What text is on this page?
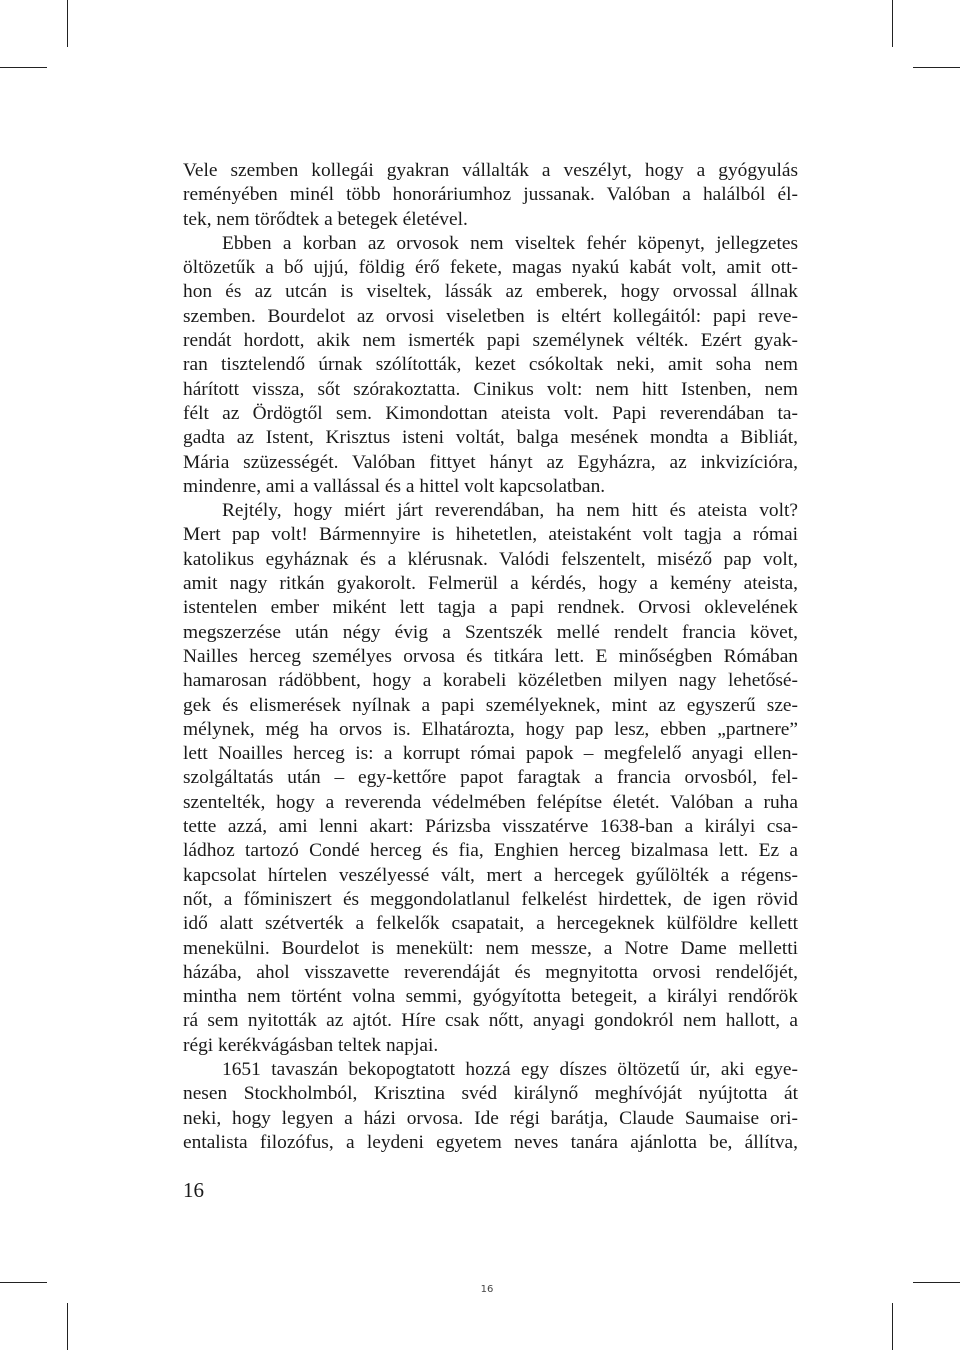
Vele szemben kollegái gyakran vállalták a veszélyt, hogy a gyógyulás
reményében minél több honoráriumhoz jussanak. Valóban a halálból él-
tek, nem törődtek a betegek életével.
Ebben a korban az orvosok nem viseltek fehér köpenyt, jellegzetes
öltözetűk a bő ujjú, földig érő fekete, magas nyakú kabát volt, amit ott-
hon és az utcán is viseltek, lássák az emberek, hogy orvossal állnak
szemben. Bourdelot az orvosi viseletben is eltért kollegáitól: papi reve-
rendát hordott, akik nem ismerték papi személynek vélték. Ezért gyak-
ran tisztelendő úrnak szólították, kezet csókoltak neki, amit soha nem
hárított vissza, sőt szórakoztatta. Cinikus volt: nem hitt Istenben, nem
félt az Ördögtől sem. Kimondottan ateista volt. Papi reverendában ta-
gadta az Istent, Krisztus isteni voltát, balga mesének mondta a Bibliát,
Mária szüzességét. Valóban fittyet hányt az Egyházra, az inkvizícióra,
mindenre, ami a vallással és a hittel volt kapcsolatban.
Rejtély, hogy miért járt reverendában, ha nem hitt és ateista volt?
Mert pap volt! Bármennyire is hihetetlen, ateistaként volt tagja a római
katolikus egyháznak és a klérusnak. Valódi felszentelt, miséző pap volt,
amit nagy ritkán gyakorolt. Felmerül a kérdés, hogy a kemény ateista,
istentelen ember miként lett tagja a papi rendnek. Orvosi oklevelének
megszerzése után négy évig a Szentszék mellé rendelt francia követ,
Nailles herceg személyes orvosa és titkára lett. E minőségben Rómában
hamarosan rádöbbent, hogy a korabeli közéletben milyen nagy lehetősé-
gek és elismerések nyílnak a papi személyeknek, mint az egyszerű sze-
mélynek, még ha orvos is. Elhatározta, hogy pap lesz, ebben „partnere”
lett Noailles herceg is: a korrupt római papok – megfelelő anyagi ellen-
szolgáltatás után – egy-kettőre papot faragtak a francia orvosból, fel-
szentelték, hogy a reverenda védelmében felépítse életét. Valóban a ruha
tette azzá, ami lenni akart: Párizsba visszatérve 1638-ban a királyi csa-
ládhoz tartozó Condé herceg és fia, Enghien herceg bizalmasa lett. Ez a
kapcsolat hírtelen veszélyessé vált, mert a hercegek gyűlölték a régens-
nőt, a főminiszert és meggondolatlanul felkelést hirdettek, de igen rövid
idő alatt szétverték a felkelők csapatait, a hercegeknek külföldre kellett
menekülni. Bourdelot is menekült: nem messze, a Notre Dame melletti
házába, ahol visszavette reverendáját és megnyitotta orvosi rendelőjét,
mintha nem történt volna semmi, gyógyította betegeit, a királyi rendőrök
rá sem nyitották az ajtót. Híre csak nőtt, anyagi gondokról nem hallott, a
régi kerékvágásban teltek napjai.
1651 tavaszán bekopogtatott hozzá egy díszes öltözetű úr, aki egye-
nesen Stockholmból, Krisztina svéd királynő meghívóját nyújtotta át
neki, hogy legyen a házi orvosa. Ide régi barátja, Claude Saumaise ori-
entalista filozófus, a leydeni egyetem neves tanára ajánlotta be, állítva,
16
16
